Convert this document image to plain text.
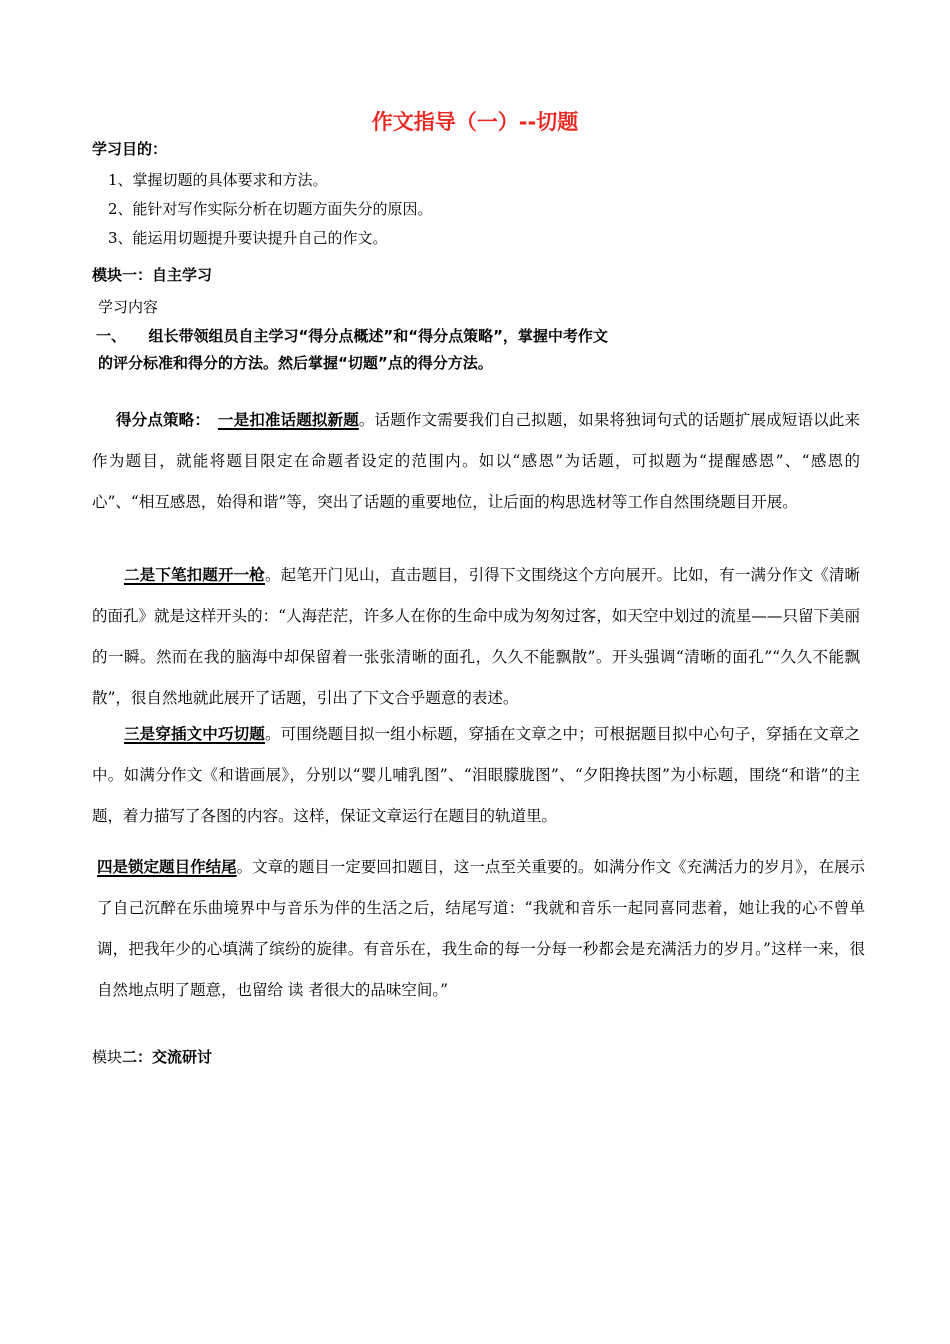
作文指导（一）--切题
学习目的：
1、掌握切题的具体要求和方法。
2、能针对写作实际分析在切题方面失分的原因。
3、能运用切题提升要诀提升自己的作文。
模块一：自主学习
学习内容
一、　　组长带领组员自主学习“得分点概述”和“得分点策略”，掌握中考作文
的评分标准和得分的方法。然后掌握“切题”点的得分方法。
得分点策略：　 一是扣准话题拟新题。话题作文需要我们自己拟题，如果将独词句式的话题扩展成短语以此来作为题目，就能将题目限定在命题者设定的范围内。如以“感恩”为话题，可拟题为“提醒感恩”、“感恩的心”、“相互感恩，始得和谐”等，突出了话题的重要地位，让后面的构思选材等工作自然围绕题目开展。
二是下笔扣题开一枪。起笔开门见山，直击题目，引得下文围绕这个方向展开。比如，有一满分作文《清晰的面孔》就是这样开头的：“人海茫茫，许多人在你的生命中成为匆匆过客，如天空中划过的流星——只留下美丽的一瞬。然而在我的脑海中却保留着一张张清晰的面孔，久久不能飘散”。开头强调“清晰的面孔”“久久不能飘散”，很自然地就此展开了话题，引出了下文合乎题意的表述。
三是穿插文中巧切题。可围绕题目拟一组小标题，穿插在文章之中；可根据题目拟中心句子，穿插在文章之中。如满分作文《和谐画展》，分别以“婴儿哺乳图”、“泪眼朦胧图”、“夕阳搀扶图”为小标题，围绕“和谐”的主题，着力描写了各图的内容。这样，保证文章运行在题目的轨道里。
四是锁定题目作结尾。文章的题目一定要回扣题目，这一点至关重要的。如满分作文《充满活力的岁月》，在展示了自己沉醉在乐曲境界中与音乐为伴的生活之后，结尾写道：“我就和音乐一起同喜同悲着，她让我的心不曾单调，把我年少的心填满了缤纷的旋律。有音乐在，我生命的每一分每一秒都会是充满活力的岁月。”这样一来，很自然地点明了题意，也留给 读 者很大的品味空间。”
模块二：交流研讨
